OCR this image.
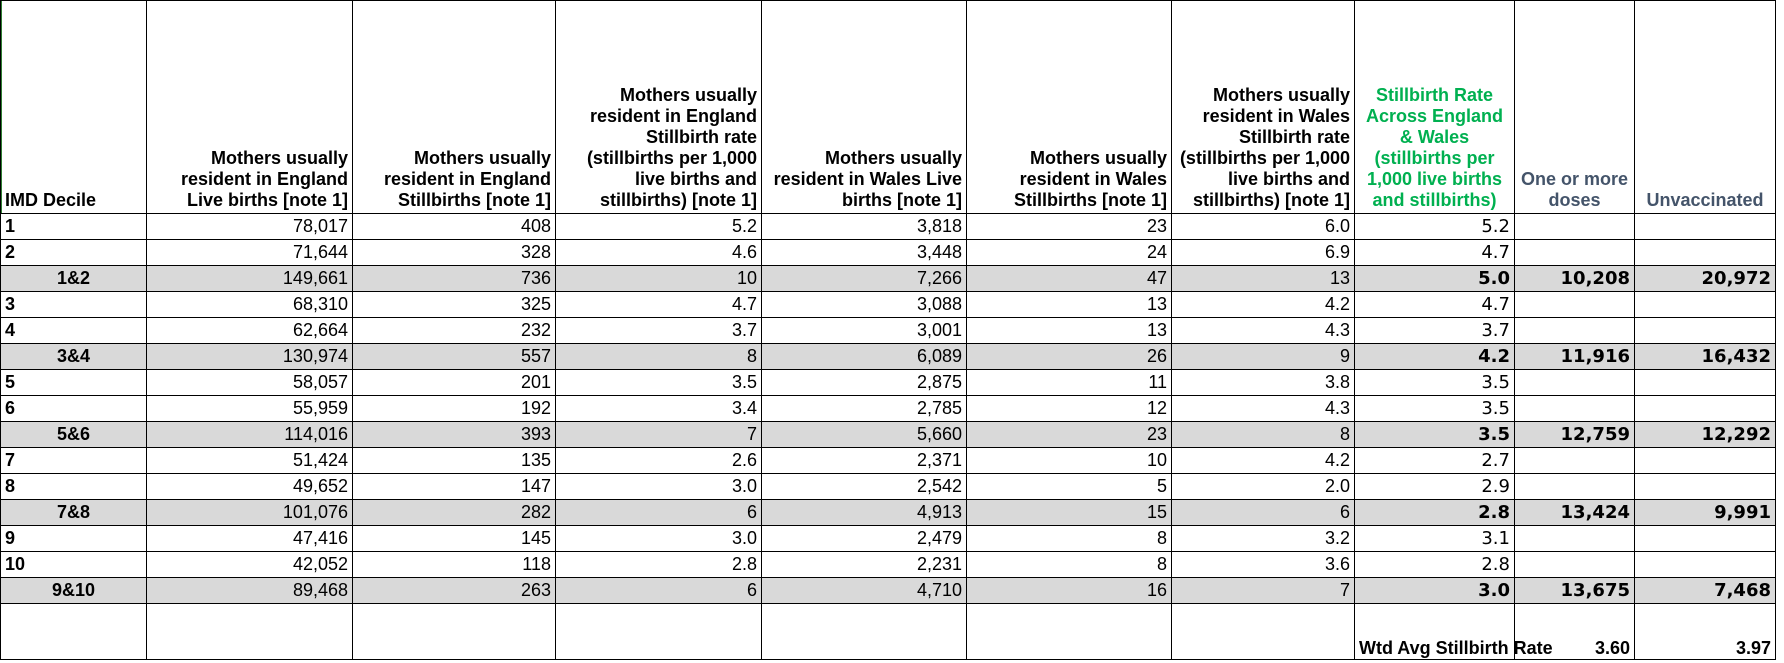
IMD Decile	Mothers usually resident in England Live births [note 1]	Mothers usually resident in England Stillbirths [note 1]	Mothers usually resident in England Stillbirth rate (stillbirths per 1,000 live births and stillbirths) [note 1]	Mothers usually resident in Wales Live births [note 1]	Mothers usually resident in Wales Stillbirths [note 1]	Mothers usually resident in Wales Stillbirth rate (stillbirths per 1,000 live births and stillbirths) [note 1]	Stillbirth Rate Across England & Wales (stillbirths per 1,000 live births and stillbirths)	One or more doses	Unvaccinated
1	78,017	408	5.2	3,818	23	6.0	5.2		
2	71,644	328	4.6	3,448	24	6.9	4.7		
1&2	149,661	736	10	7,266	47	13	5.0	10,208	20,972
3	68,310	325	4.7	3,088	13	4.2	4.7		
4	62,664	232	3.7	3,001	13	4.3	3.7		
3&4	130,974	557	8	6,089	26	9	4.2	11,916	16,432
5	58,057	201	3.5	2,875	11	3.8	3.5		
6	55,959	192	3.4	2,785	12	4.3	3.5		
5&6	114,016	393	7	5,660	23	8	3.5	12,759	12,292
7	51,424	135	2.6	2,371	10	4.2	2.7		
8	49,652	147	3.0	2,542	5	2.0	2.9		
7&8	101,076	282	6	4,913	15	6	2.8	13,424	9,991
9	47,416	145	3.0	2,479	8	3.2	3.1		
10	42,052	118	2.8	2,231	8	3.6	2.8		
9&10	89,468	263	6	4,710	16	7	3.0	13,675	7,468
							Wtd Avg Stillbirth Rate	3.60	3.97
